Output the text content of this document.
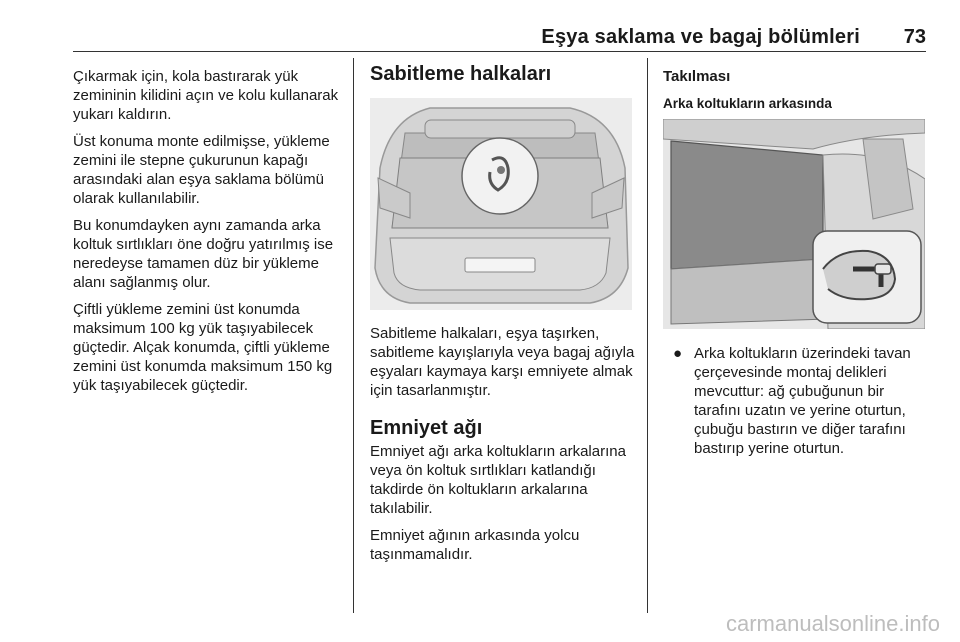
Eşya saklama ve bagaj bölümleri 73

Çıkarmak için, kola bastırarak yük zemininin kilidini açın ve kolu kullanarak yukarı kaldırın.

Üst konuma monte edilmişse, yükleme zemini ile stepne çukurunun kapağı arasındaki alan eşya saklama bölümü olarak kullanılabilir.

Bu konumdayken aynı zamanda arka koltuk sırtlıkları öne doğru yatırılmış ise neredeyse tamamen düz bir yükleme alanı sağlanmış olur.

Çiftli yükleme zemini üst konumda maksimum 100 kg yük taşıyabilecek güçtedir. Alçak konumda, çiftli yükleme zemini üst konumda maksimum 150 kg yük taşıyabilecek güçtedir.

Sabitleme halkaları

Sabitleme halkaları, eşya taşırken, sabitleme kayışlarıyla veya bagaj ağıyla eşyaları kaymaya karşı emniyete almak için tasarlanmıştır.

Emniyet ağı

Emniyet ağı arka koltukların arkalarına veya ön koltuk sırtlıkları katlandığı takdirde ön koltukların arkalarına takılabilir.

Emniyet ağının arkasında yolcu taşınmamalıdır.

Takılması
Arka koltukların arkasında
● Arka koltukların üzerindeki tavan çerçevesinde montaj delikleri mevcuttur: ağ çubuğunun bir tarafını uzatın ve yerine oturtun, çubuğu bastırın ve diğer tarafını bastırıp yerine oturtun.
carmanualsonline.info
